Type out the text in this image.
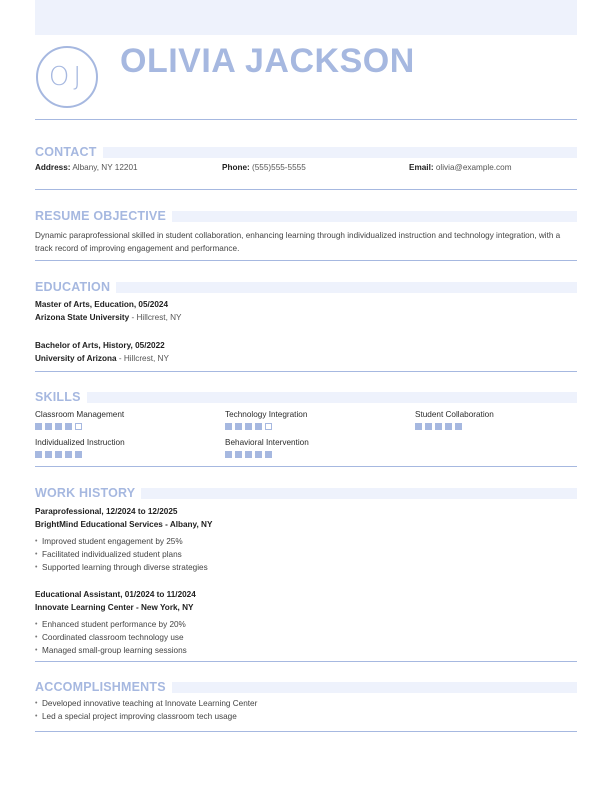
OJ	OLIVIA JACKSON
CONTACT
Address: Albany, NY 12201	Phone: (555)555-5555	Email: olivia@example.com
RESUME OBJECTIVE
Dynamic paraprofessional skilled in student collaboration, enhancing learning through individualized instruction and technology integration, with a track record of improving engagement and performance.
EDUCATION
Master of Arts, Education, 05/2024
Arizona State University - Hillcrest, NY
Bachelor of Arts, History, 05/2022
University of Arizona - Hillcrest, NY
SKILLS
Classroom Management	Technology Integration	Student Collaboration
Individualized Instruction	Behavioral Intervention
WORK HISTORY
Paraprofessional, 12/2024 to 12/2025
BrightMind Educational Services - Albany, NY
• Improved student engagement by 25%
• Facilitated individualized student plans
• Supported learning through diverse strategies
Educational Assistant, 01/2024 to 11/2024
Innovate Learning Center - New York, NY
• Enhanced student performance by 20%
• Coordinated classroom technology use
• Managed small-group learning sessions
ACCOMPLISHMENTS
• Developed innovative teaching at Innovate Learning Center
• Led a special project improving classroom tech usage
